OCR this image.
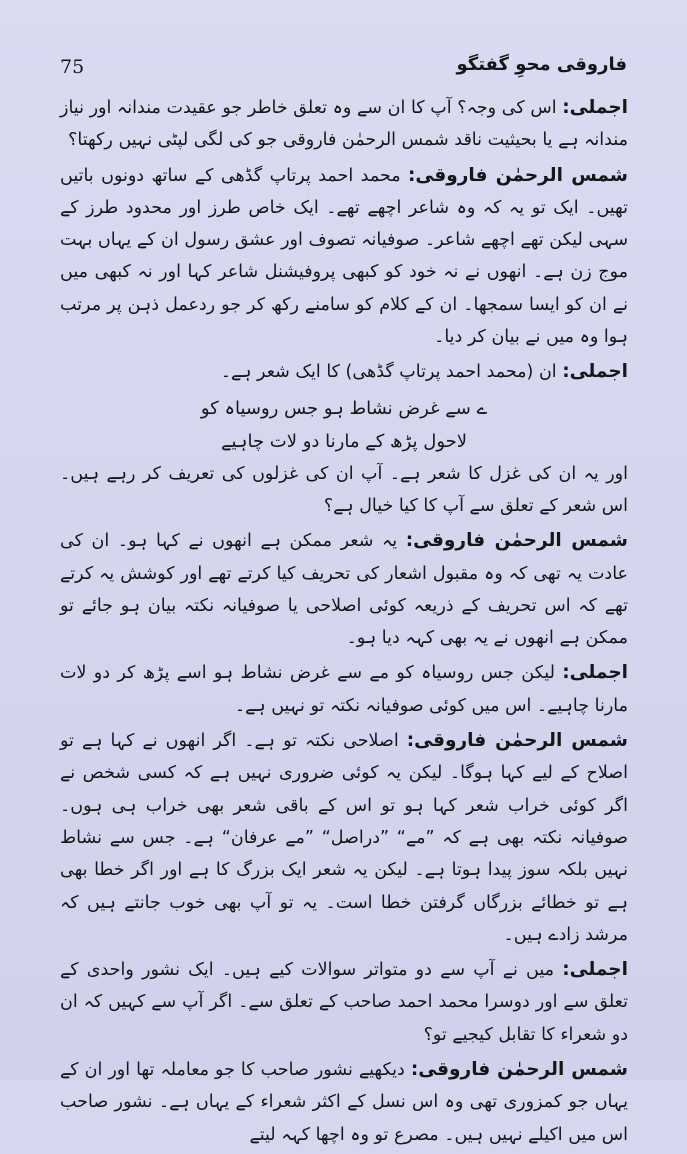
75	فاروقی محوِ گفتگو

اجملی: اس کی وجہ؟ آپ کا ان سے وہ تعلق خاطر جو عقیدت مندانہ اور نیاز مندانہ ہے یا بحیثیت ناقد شمس الرحمٰن فاروقی جو کی لگی لپٹی نہیں رکھتا؟

شمس الرحمٰن فاروقی: محمد احمد پرتاپ گڈھی کے ساتھ دونوں باتیں تھیں۔ ایک تو یہ کہ وہ شاعر اچھے تھے۔ ایک خاص طرز اور محدود طرز کے سہی لیکن تھے اچھے شاعر۔ صوفیانہ تصوف اور عشق رسول ان کے یہاں بہت موج زن ہے۔ انھوں نے نہ خود کو کبھی پروفیشنل شاعر کہا اور نہ کبھی میں نے ان کو ایسا سمجھا۔ ان کے کلام کو سامنے رکھ کر جو ردعمل ذہن پر مرتب ہوا وہ میں نے بیان کر دیا۔

اجملی: ان (محمد احمد پرتاپ گڈھی) کا ایک شعر ہے۔

ے سے غرض نشاط ہو جس روسیاہ کو

لاحول پڑھ کے مارنا دو لات چاہیے

اور یہ ان کی غزل کا شعر ہے۔ آپ ان کی غزلوں کی تعریف کر رہے ہیں۔ اس شعر کے تعلق سے آپ کا کیا خیال ہے؟

شمس الرحمٰن فاروقی: یہ شعر ممکن ہے انھوں نے کہا ہو۔ ان کی عادت یہ تھی کہ وہ مقبول اشعار کی تحریف کیا کرتے تھے اور کوشش یہ کرتے تھے کہ اس تحریف کے ذریعہ کوئی اصلاحی یا صوفیانہ نکتہ بیان ہو جائے تو ممکن ہے انھوں نے یہ بھی کہہ دیا ہو۔

اجملی: لیکن جس روسیاہ کو مے سے غرض نشاط ہو اسے پڑھ کر دو لات مارنا چاہیے۔ اس میں کوئی صوفیانہ نکتہ تو نہیں ہے۔

شمس الرحمٰن فاروقی: اصلاحی نکتہ تو ہے۔ اگر انھوں نے کہا ہے تو اصلاح کے لیے کہا ہوگا۔ لیکن یہ کوئی ضروری نہیں ہے کہ کسی شخص نے اگر کوئی خراب شعر کہا ہو تو اس کے باقی شعر بھی خراب ہی ہوں۔ صوفیانہ نکتہ بھی ہے کہ ”مے“ ”دراصل“ ”مے عرفان“ ہے۔ جس سے نشاط نہیں بلکہ سوز پیدا ہوتا ہے۔ لیکن یہ شعر ایک بزرگ کا ہے اور اگر خطا بھی ہے تو خطائے بزرگاں گرفتن خطا است۔ یہ تو آپ بھی خوب جانتے ہیں کہ مرشد زادے ہیں۔

اجملی: میں نے آپ سے دو متواتر سوالات کیے ہیں۔ ایک نشور واحدی کے تعلق سے اور دوسرا محمد احمد صاحب کے تعلق سے۔ اگر آپ سے کہیں کہ ان دو شعراء کا تقابل کیجیے تو؟

شمس الرحمٰن فاروقی: دیکھیے نشور صاحب کا جو معاملہ تھا اور ان کے یہاں جو کمزوری تھی وہ اس نسل کے اکثر شعراء کے یہاں ہے۔ نشور صاحب اس میں اکیلے نہیں ہیں۔ مصرع تو وہ اچھا کہہ لیتے
